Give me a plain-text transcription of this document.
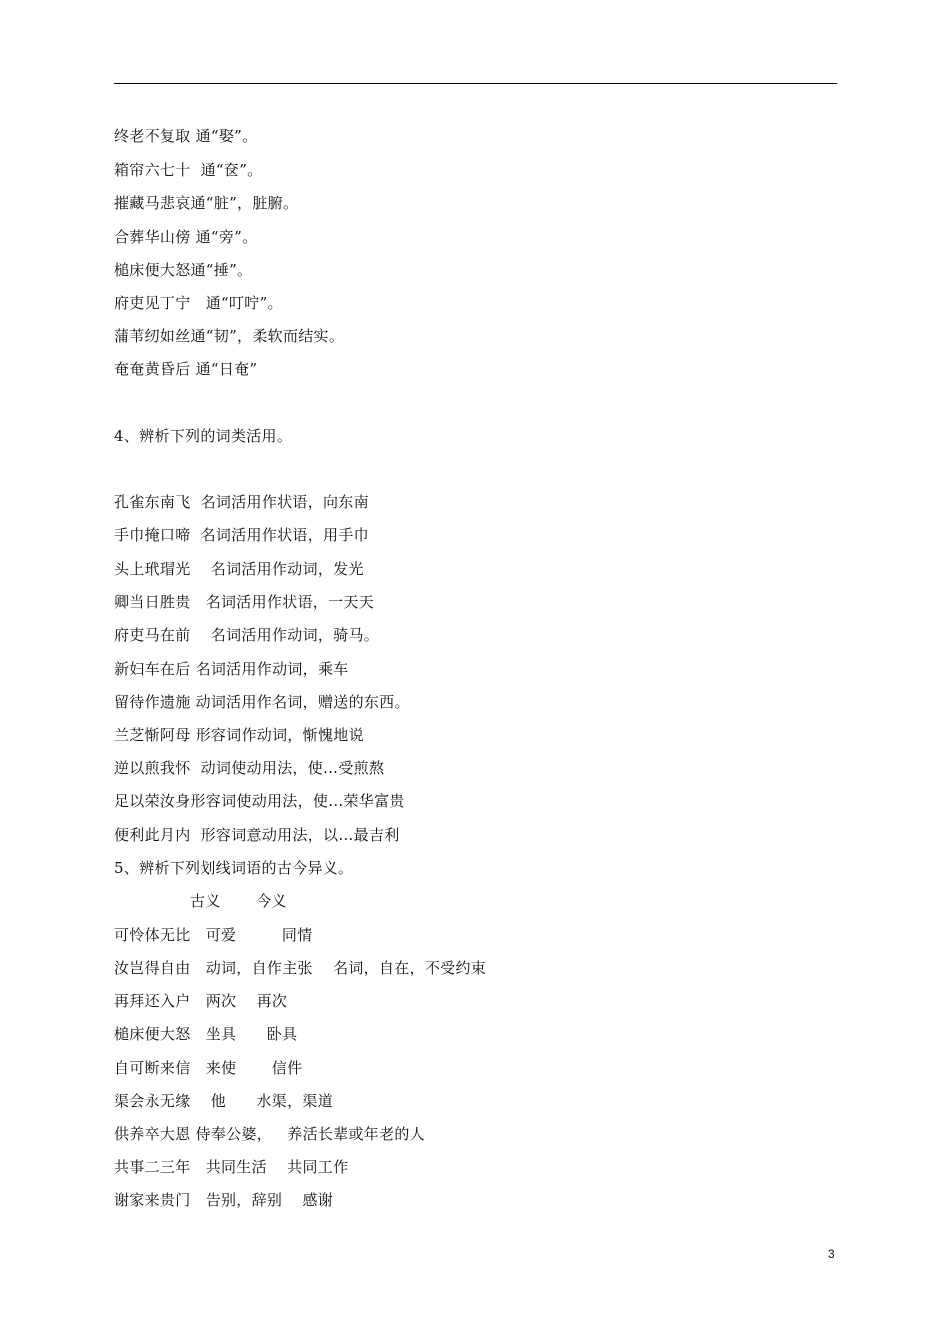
终老不复取 通“娶”。
箱帘六七十  通“奁”。
摧藏马悲哀通“脏”，脏腑。
合葬华山傍 通“旁”。
槌床便大怒通“捶”。
府吏见丁宁   通“叮咛”。
蒲苇纫如丝通“韧”，柔软而结实。
奄奄黄昏后 通“日奄”
4、辨析下列的词类活用。
孔雀东南飞  名词活用作状语，向东南
手巾掩口啼  名词活用作状语，用手巾
头上玳瑁光    名词活用作动词，发光
卿当日胜贵   名词活用作状语，一天天
府吏马在前    名词活用作动词，骑马。
新妇车在后 名词活用作动词，乘车
留待作遗施 动词活用作名词，赠送的东西。
兰芝惭阿母 形容词作动词，惭愧地说
逆以煎我怀  动词使动用法，使…受煎熬
足以荣汝身形容词使动用法，使…荣华富贵
便利此月内  形容词意动用法，以…最吉利
5、辨析下列划线词语的古今异义。
古义       今义
可怜体无比   可爱         同情
汝岂得自由   动词，自作主张    名词，自在，不受约束
再拜还入户   两次    再次
槌床便大怒   坐具      卧具
自可断来信   来使       信件
渠会永无缘    他      水渠，渠道
供养卒大恩 侍奉公婆，   养活长辈或年老的人
共事二三年   共同生活    共同工作
谢家来贵门   告别，辞别    感谢
3
